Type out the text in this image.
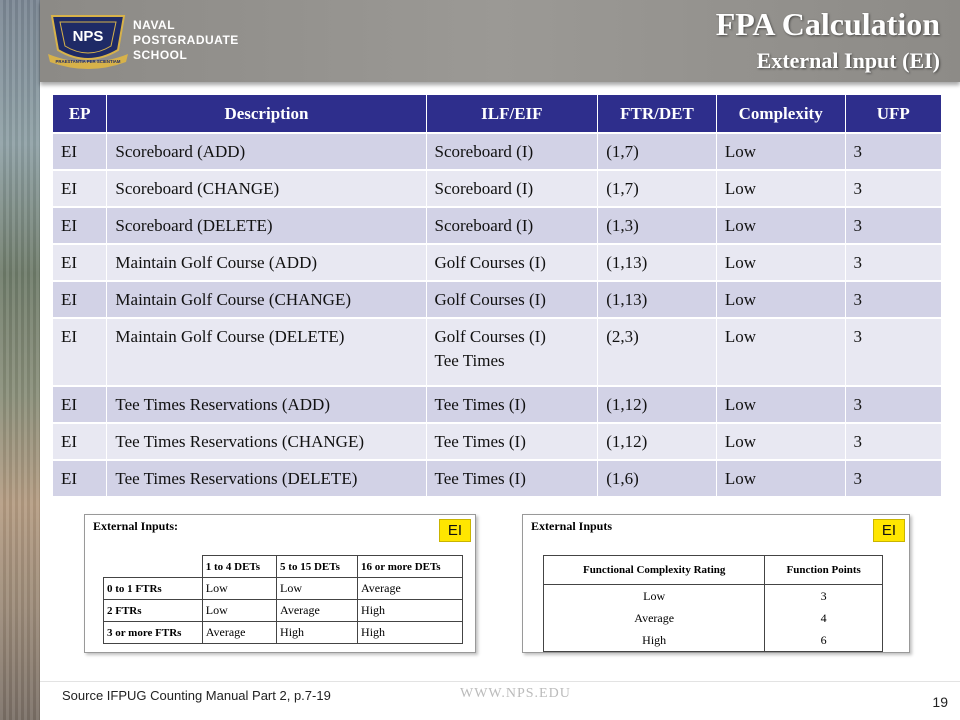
NPS
PRAESTANTIA PER SCIENTIAM
NAVAL
POSTGRADUATE
SCHOOL
FPA Calculation
External Input (EI)
EP	Description	ILF/EIF	FTR/DET	Complexity	UFP
EI	Scoreboard (ADD)	Scoreboard (I)	(1,7)	Low	3
EI	Scoreboard (CHANGE)	Scoreboard (I)	(1,7)	Low	3
EI	Scoreboard (DELETE)	Scoreboard (I)	(1,3)	Low	3
EI	Maintain Golf Course (ADD)	Golf Courses (I)	(1,13)	Low	3
EI	Maintain Golf Course (CHANGE)	Golf Courses (I)	(1,13)	Low	3
EI	Maintain Golf Course (DELETE)	Golf Courses (I)
Tee Times	(2,3)	Low	3
EI	Tee Times Reservations (ADD)	Tee Times (I)	(1,12)	Low	3
EI	Tee Times Reservations (CHANGE)	Tee Times (I)	(1,12)	Low	3
EI	Tee Times Reservations (DELETE)	Tee Times (I)	(1,6)	Low	3
External Inputs:	EI
	1 to 4 DETs	5 to 15 DETs	16 or more DETs
0 to 1 FTRs	Low	Low	Average
2 FTRs	Low	Average	High
3 or more FTRs	Average	High	High
External Inputs	EI
Functional Complexity Rating	Function Points
Low	3
Average	4
High	6
Source IFPUG Counting Manual Part 2, p.7-19	WWW.NPS.EDU
19
